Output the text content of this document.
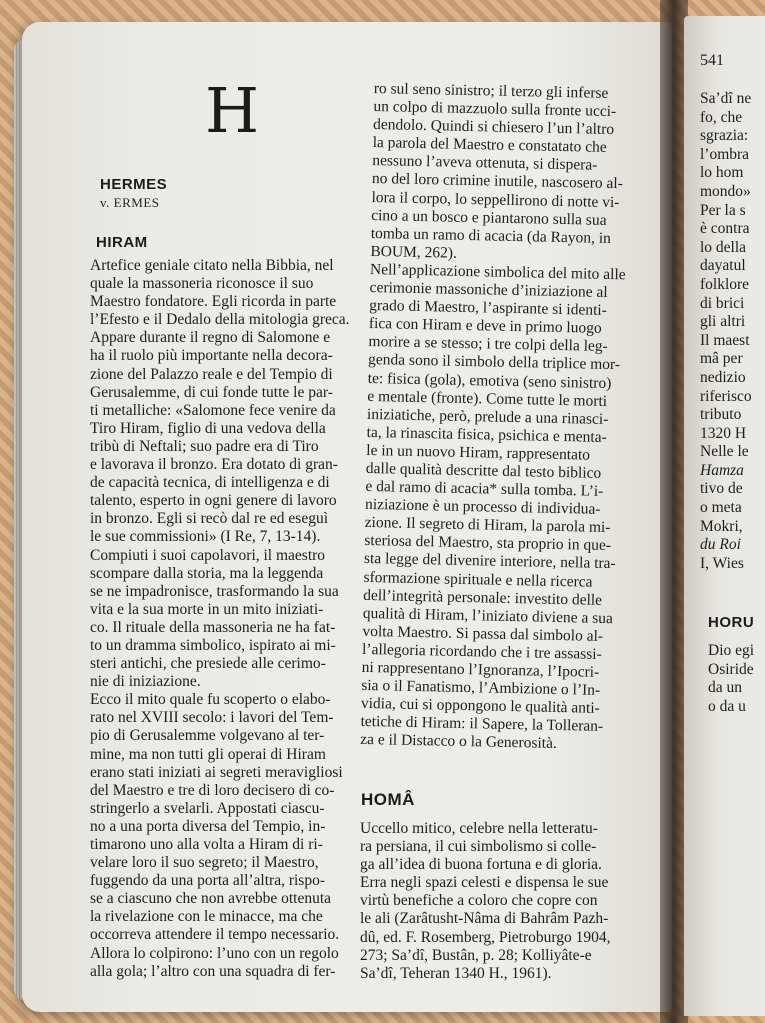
541
Sa’dî ne
fo, che
sgrazia:
l’ombra
lo hom
mondo»
Per la s
è contra
lo della
dayatul
folklore
di brici
gli altri
Il maest
mâ per
nedizio
riferisco
tributo
1320 H
Nelle le
Hamza
tivo de
o meta
Mokri,
du Roi
I, Wies
HORU
Dio egi
Osiride
da un
o da u
H
HERMES
v. ERMES
HIRAM
Artefice geniale citato nella Bibbia, nel
quale la massoneria riconosce il suo
Maestro fondatore. Egli ricorda in parte
l’Efesto e il Dedalo della mitologia greca.
Appare durante il regno di Salomone e
ha il ruolo più importante nella decora-
zione del Palazzo reale e del Tempio di
Gerusalemme, di cui fonde tutte le par-
ti metalliche: «Salomone fece venire da
Tiro Hiram, figlio di una vedova della
tribù di Neftali; suo padre era di Tiro
e lavorava il bronzo. Era dotato di gran-
de capacità tecnica, di intelligenza e di
talento, esperto in ogni genere di lavoro
in bronzo. Egli si recò dal re ed eseguì
le sue commissioni» (I Re, 7, 13-14).
Compiuti i suoi capolavori, il maestro
scompare dalla storia, ma la leggenda
se ne impadronisce, trasformando la sua
vita e la sua morte in un mito iniziati-
co. Il rituale della massoneria ne ha fat-
to un dramma simbolico, ispirato ai mi-
steri antichi, che presiede alle cerimo-
nie di iniziazione.
Ecco il mito quale fu scoperto o elabo-
rato nel XVIII secolo: i lavori del Tem-
pio di Gerusalemme volgevano al ter-
mine, ma non tutti gli operai di Hiram
erano stati iniziati ai segreti meravigliosi
del Maestro e tre di loro decisero di co-
stringerlo a svelarli. Appostati ciascu-
no a una porta diversa del Tempio, in-
timarono uno alla volta a Hiram di ri-
velare loro il suo segreto; il Maestro,
fuggendo da una porta all’altra, rispo-
se a ciascuno che non avrebbe ottenuta
la rivelazione con le minacce, ma che
occorreva attendere il tempo necessario.
Allora lo colpirono: l’uno con un regolo
alla gola; l’altro con una squadra di fer-
ro sul seno sinistro; il terzo gli inferse
un colpo di mazzuolo sulla fronte ucci-
dendolo. Quindi si chiesero l’un l’altro
la parola del Maestro e constatato che
nessuno l’aveva ottenuta, si dispera-
no del loro crimine inutile, nascosero al-
lora il corpo, lo seppellirono di notte vi-
cino a un bosco e piantarono sulla sua
tomba un ramo di acacia (da Rayon, in
BOUM, 262).
Nell’applicazione simbolica del mito alle
cerimonie massoniche d’iniziazione al
grado di Maestro, l’aspirante si identi-
fica con Hiram e deve in primo luogo
morire a se stesso; i tre colpi della leg-
genda sono il simbolo della triplice mor-
te: fisica (gola), emotiva (seno sinistro)
e mentale (fronte). Come tutte le morti
iniziatiche, però, prelude a una rinasci-
ta, la rinascita fisica, psichica e menta-
le in un nuovo Hiram, rappresentato
dalle qualità descritte dal testo biblico
e dal ramo di acacia* sulla tomba. L’i-
niziazione è un processo di individua-
zione. Il segreto di Hiram, la parola mi-
steriosa del Maestro, sta proprio in que-
sta legge del divenire interiore, nella tra-
sformazione spirituale e nella ricerca
dell’integrità personale: investito delle
qualità di Hiram, l’iniziato diviene a sua
volta Maestro. Si passa dal simbolo al-
l’allegoria ricordando che i tre assassi-
ni rappresentano l’Ignoranza, l’Ipocri-
sia o il Fanatismo, l’Ambizione o l’In-
vidia, cui si oppongono le qualità anti-
tetiche di Hiram: il Sapere, la Tolleran-
za e il Distacco o la Generosità.
HOMÂ
Uccello mitico, celebre nella letteratu-
ra persiana, il cui simbolismo si colle-
ga all’idea di buona fortuna e di gloria.
Erra negli spazi celesti e dispensa le sue
virtù benefiche a coloro che copre con
le ali (Zarâtusht-Nâma di Bahrâm Pazh-
dû, ed. F. Rosemberg, Pietroburgo 1904,
273; Sa’dî, Bustân, p. 28; Kolliyâte-e
Sa’dî, Teheran 1340 H., 1961).
